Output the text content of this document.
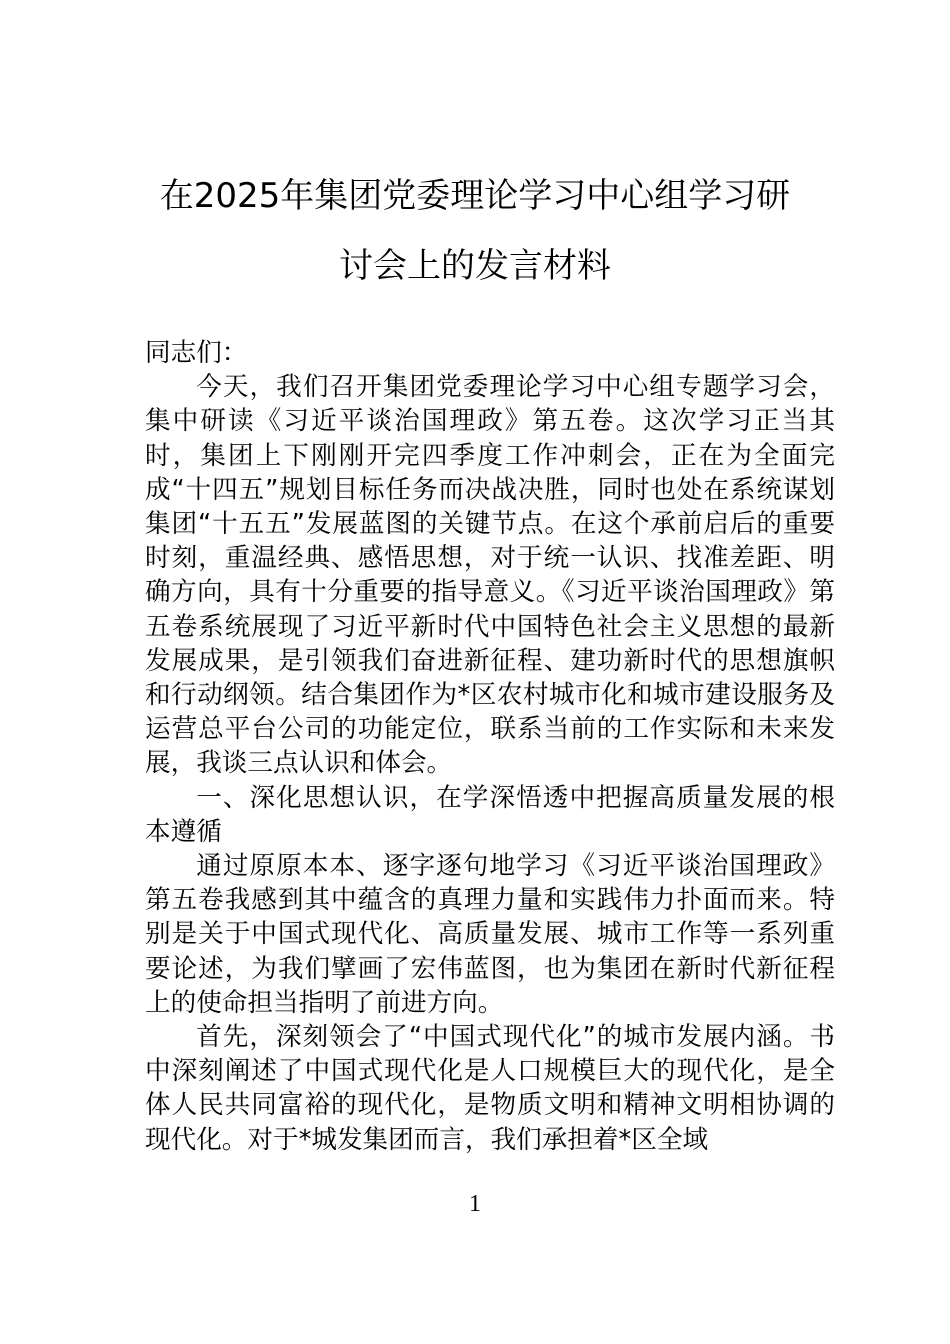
在2025年集团党委理论学习中心组学习研
讨会上的发言材料

同志们：

今天，我们召开集团党委理论学习中心组专题学习会，集中研读《习近平谈治国理政》第五卷。这次学习正当其时，集团上下刚刚开完四季度工作冲刺会，正在为全面完成“十四五”规划目标任务而决战决胜，同时也处在系统谋划集团“十五五”发展蓝图的关键节点。在这个承前启后的重要时刻，重温经典、感悟思想，对于统一认识、找准差距、明确方向，具有十分重要的指导意义。《习近平谈治国理政》第五卷系统展现了习近平新时代中国特色社会主义思想的最新发展成果，是引领我们奋进新征程、建功新时代的思想旗帜和行动纲领。结合集团作为*区农村城市化和城市建设服务及运营总平台公司的功能定位，联系当前的工作实际和未来发展，我谈三点认识和体会。

一、深化思想认识，在学深悟透中把握高质量发展的根本遵循

通过原原本本、逐字逐句地学习《习近平谈治国理政》第五卷我感到其中蕴含的真理力量和实践伟力扑面而来。特别是关于中国式现代化、高质量发展、城市工作等一系列重要论述，为我们擘画了宏伟蓝图，也为集团在新时代新征程上的使命担当指明了前进方向。

首先，深刻领会了“中国式现代化”的城市发展内涵。书中深刻阐述了中国式现代化是人口规模巨大的现代化，是全体人民共同富裕的现代化，是物质文明和精神文明相协调的现代化。对于*城发集团而言，我们承担着*区全域

1
